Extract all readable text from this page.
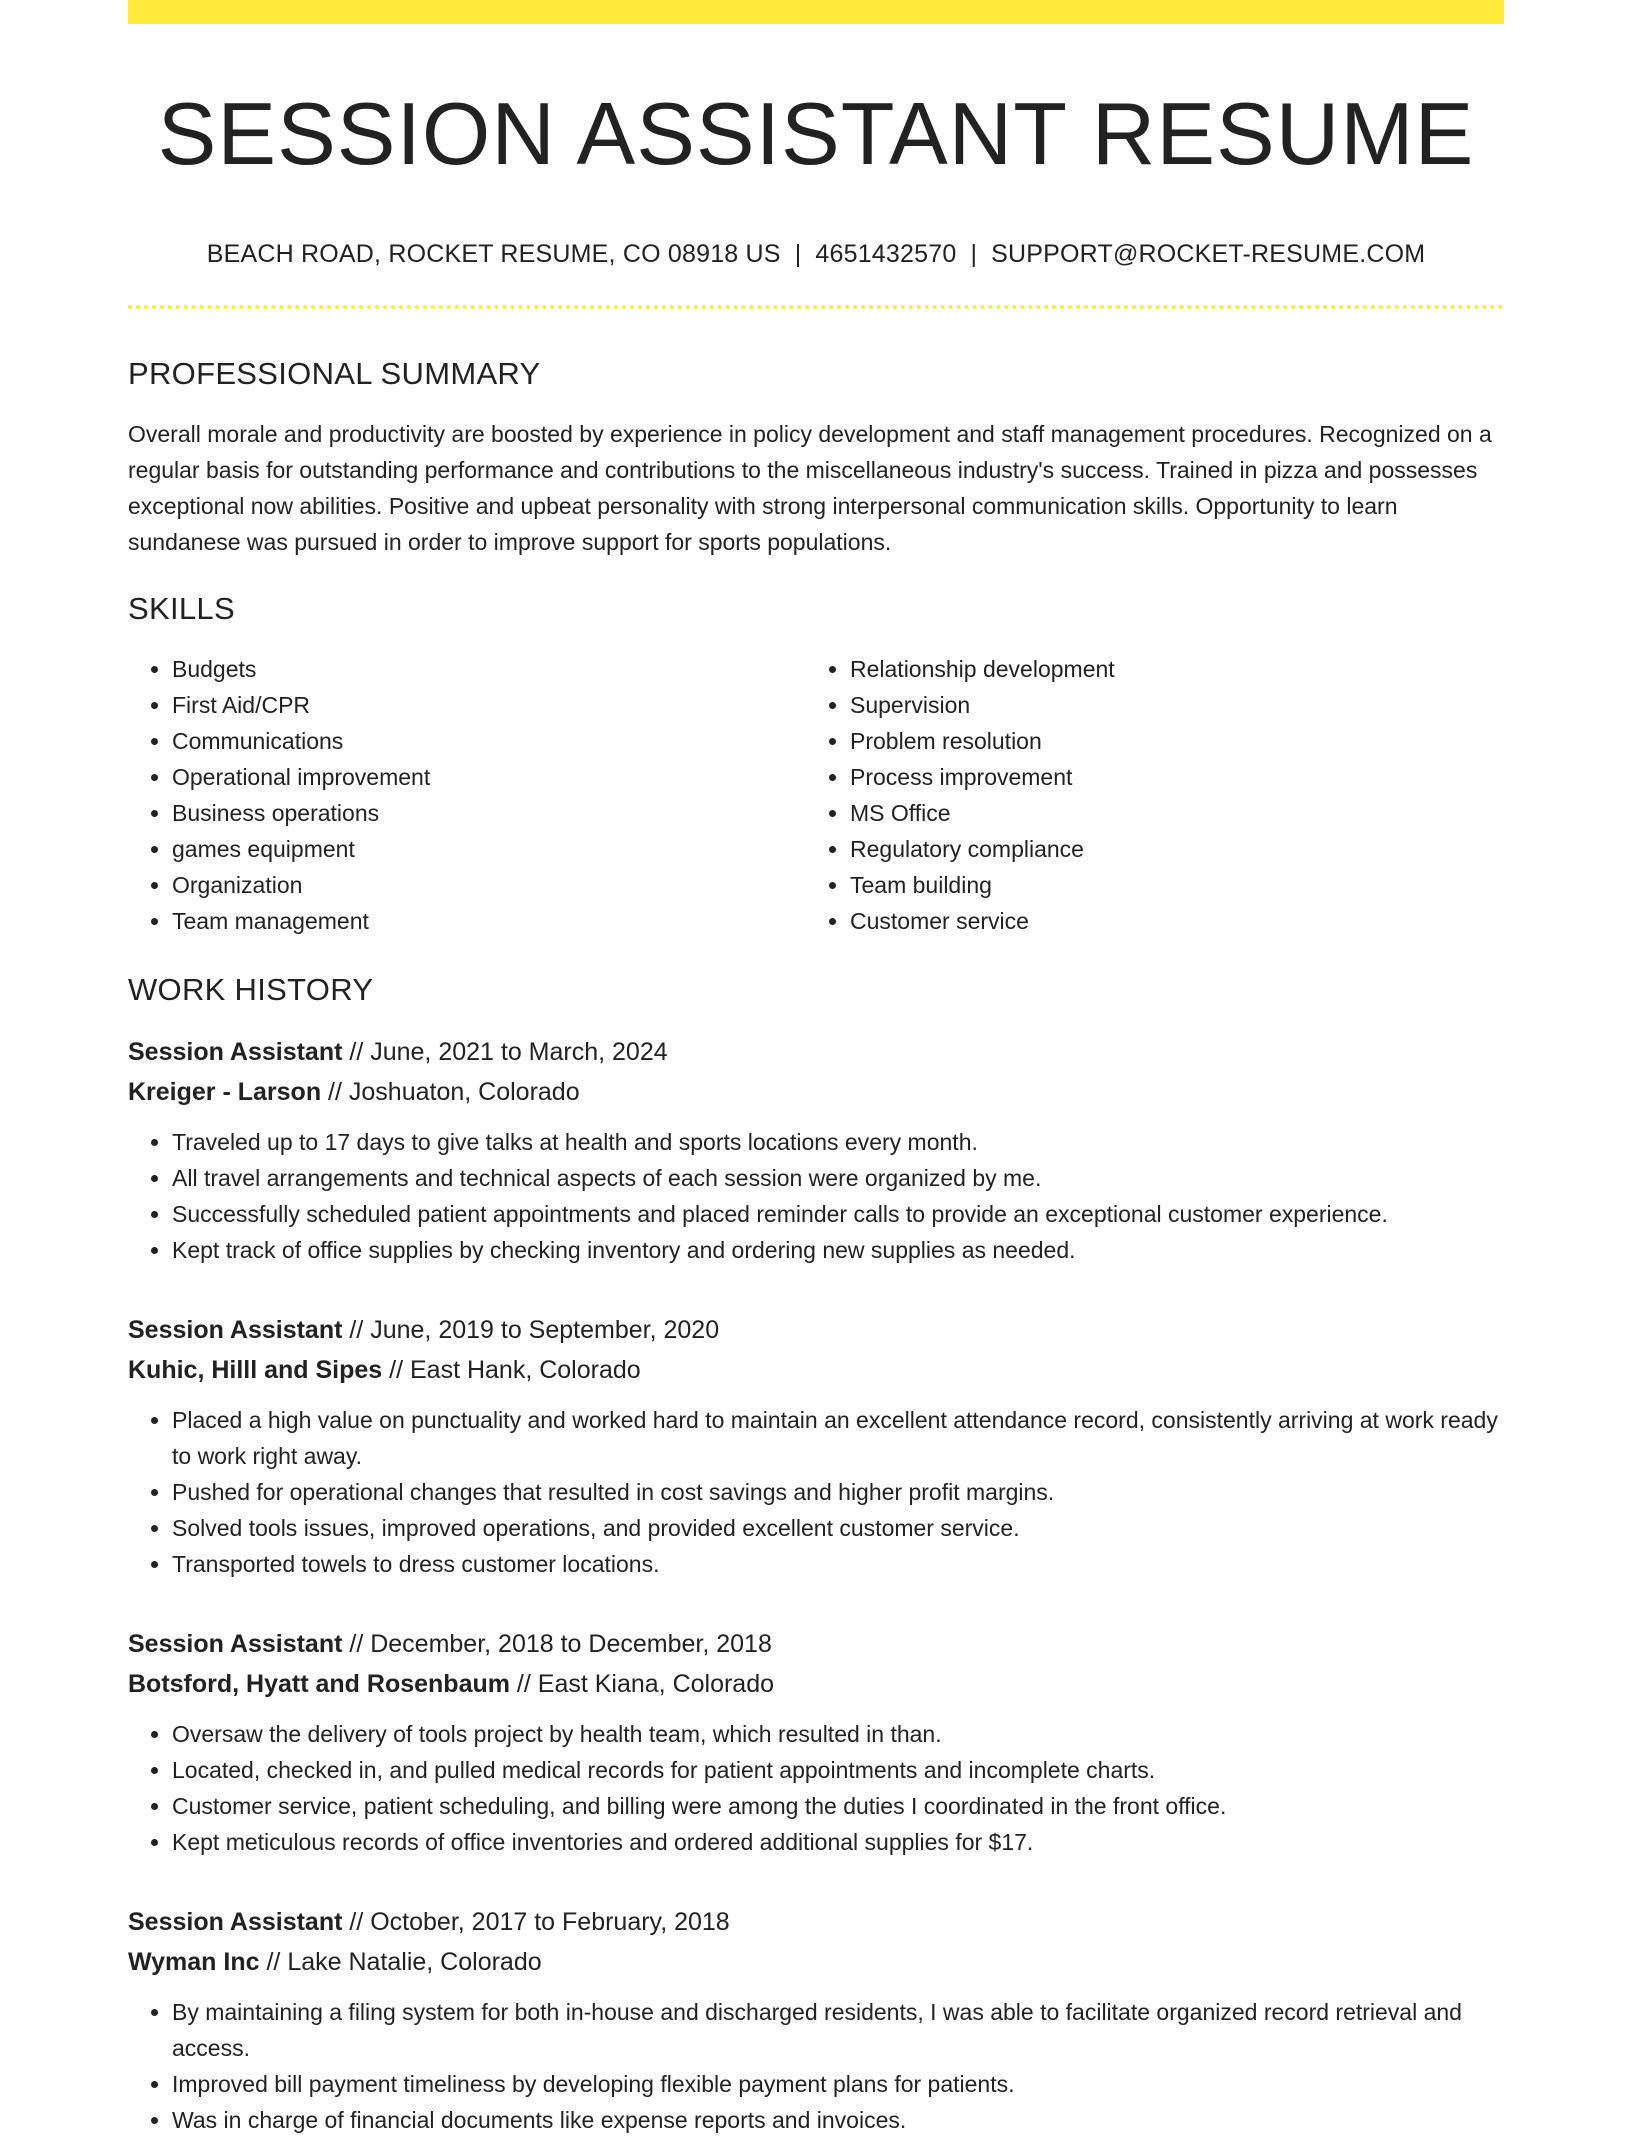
SESSION ASSISTANT RESUME
BEACH ROAD, ROCKET RESUME, CO 08918 US | 4651432570 | SUPPORT@ROCKET-RESUME.COM
PROFESSIONAL SUMMARY
Overall morale and productivity are boosted by experience in policy development and staff management procedures. Recognized on a regular basis for outstanding performance and contributions to the miscellaneous industry's success. Trained in pizza and possesses exceptional now abilities. Positive and upbeat personality with strong interpersonal communication skills. Opportunity to learn sundanese was pursued in order to improve support for sports populations.
SKILLS
• Budgets
• First Aid/CPR
• Communications
• Operational improvement
• Business operations
• games equipment
• Organization
• Team management
• Relationship development
• Supervision
• Problem resolution
• Process improvement
• MS Office
• Regulatory compliance
• Team building
• Customer service
WORK HISTORY
Session Assistant // June, 2021 to March, 2024
Kreiger - Larson // Joshuaton, Colorado
• Traveled up to 17 days to give talks at health and sports locations every month.
• All travel arrangements and technical aspects of each session were organized by me.
• Successfully scheduled patient appointments and placed reminder calls to provide an exceptional customer experience.
• Kept track of office supplies by checking inventory and ordering new supplies as needed.
Session Assistant // June, 2019 to September, 2020
Kuhic, Hilll and Sipes // East Hank, Colorado
• Placed a high value on punctuality and worked hard to maintain an excellent attendance record, consistently arriving at work ready to work right away.
• Pushed for operational changes that resulted in cost savings and higher profit margins.
• Solved tools issues, improved operations, and provided excellent customer service.
• Transported towels to dress customer locations.
Session Assistant // December, 2018 to December, 2018
Botsford, Hyatt and Rosenbaum // East Kiana, Colorado
• Oversaw the delivery of tools project by health team, which resulted in than.
• Located, checked in, and pulled medical records for patient appointments and incomplete charts.
• Customer service, patient scheduling, and billing were among the duties I coordinated in the front office.
• Kept meticulous records of office inventories and ordered additional supplies for $17.
Session Assistant // October, 2017 to February, 2018
Wyman Inc // Lake Natalie, Colorado
• By maintaining a filing system for both in-house and discharged residents, I was able to facilitate organized record retrieval and access.
• Improved bill payment timeliness by developing flexible payment plans for patients.
• Was in charge of financial documents like expense reports and invoices.
